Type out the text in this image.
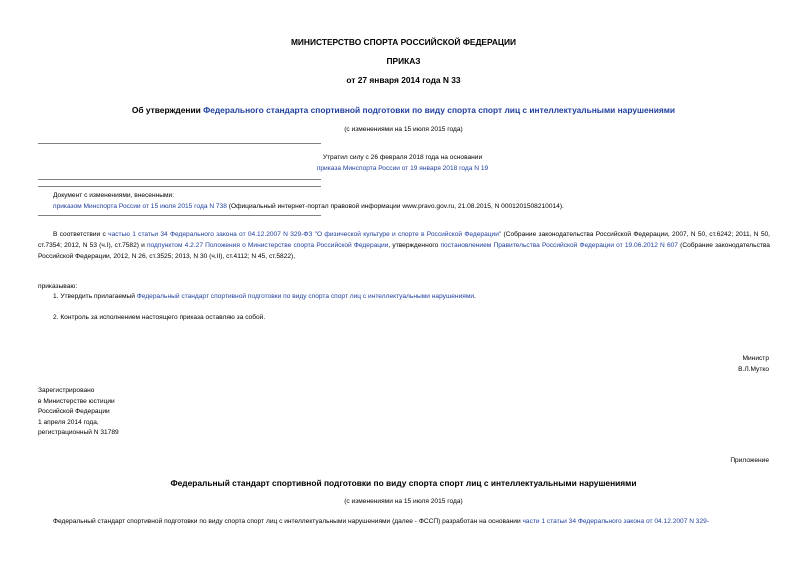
МИНИСТЕРСТВО СПОРТА РОССИЙСКОЙ ФЕДЕРАЦИИ
ПРИКАЗ
от 27 января 2014 года N 33
Об утверждении Федерального стандарта спортивной подготовки по виду спорта спорт лиц с интеллектуальными нарушениями
(с изменениями на 15 июля 2015 года)
Утратил силу с 26 февраля 2018 года на основании
приказа Минспорта России от 19 января 2018 года N 19
Документ с изменениями, внесенными:
приказом Минспорта России от 15 июля 2015 года N 738 (Официальный интернет-портал правовой информации www.pravo.gov.ru, 21.08.2015, N 0001201508210014).
В соответствии с частью 1 статьи 34 Федерального закона от 04.12.2007 N 329-ФЗ "О физической культуре и спорте в Российской Федерации" (Собрание законодательства Российской Федерации, 2007, N 50, ст.6242; 2011, N 50, ст.7354; 2012, N 53 (ч.I), ст.7582) и подпунктом 4.2.27 Положения о Министерстве спорта Российской Федерации, утвержденного постановлением Правительства Российской Федерации от 19.06.2012 N 607 (Собрание законодательства Российской Федерации, 2012, N 26, ст.3525; 2013, N 30 (ч.II), ст.4112; N 45, ст.5822),
приказываю:
1. Утвердить прилагаемый Федеральный стандарт спортивной подготовки по виду спорта спорт лиц с интеллектуальными нарушениями.
2. Контроль за исполнением настоящего приказа оставляю за собой.
Министр
В.Л.Мутко

Зарегистрировано

в Министерстве юстиции

Российской Федерации

1 апреля 2014 года,

регистрационный N 31789

Приложение
Федеральный стандарт спортивной подготовки по виду спорта спорт лиц с интеллектуальными нарушениями
(с изменениями на 15 июля 2015 года)
Федеральный стандарт спортивной подготовки по виду спорта спорт лиц с интеллектуальными нарушениями (далее - ФССП) разработан на основании части 1 статьи 34 Федерального закона от 04.12.2007 N 329-
